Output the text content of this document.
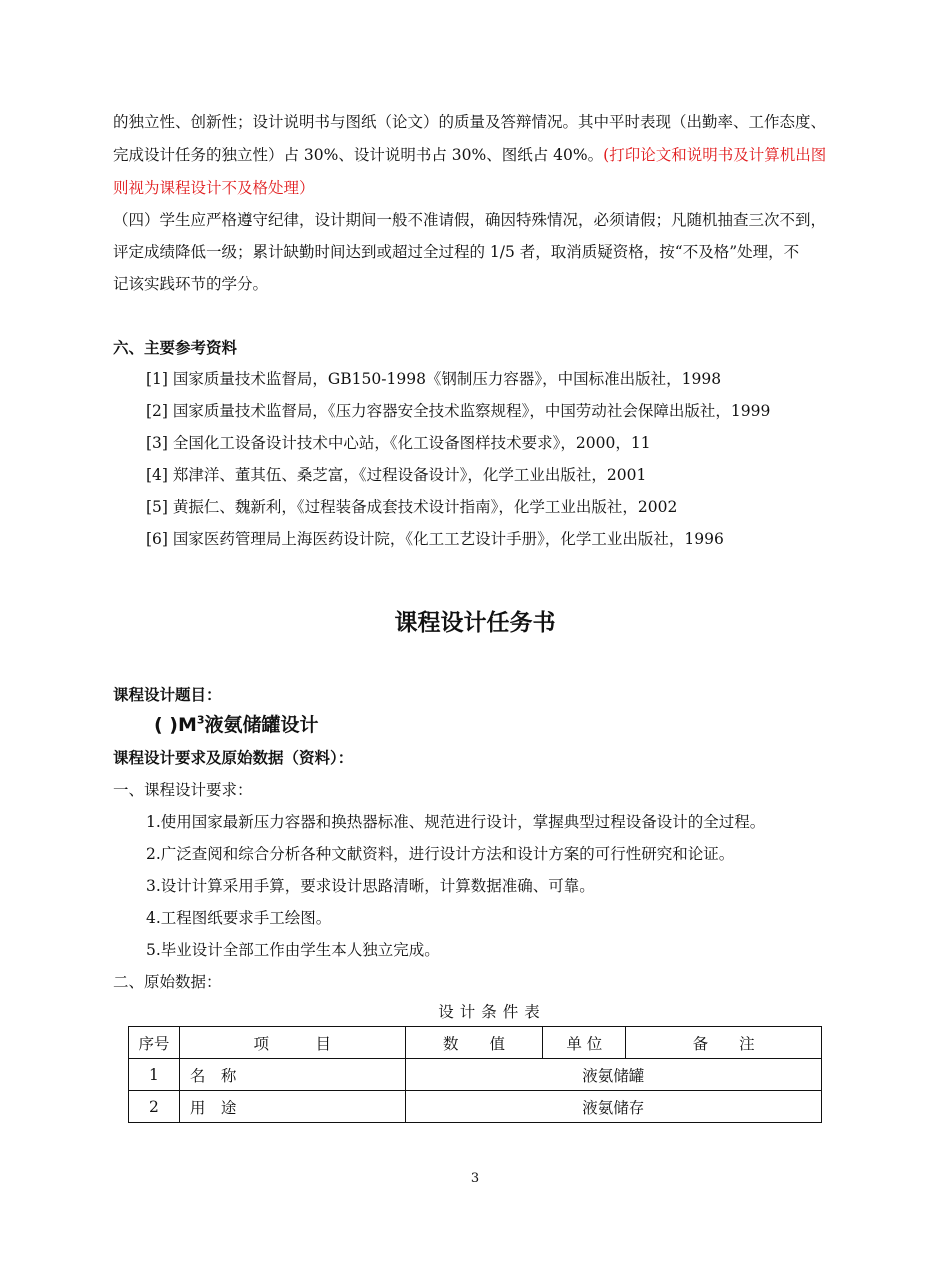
的独立性、创新性；设计说明书与图纸（论文）的质量及答辩情况。其中平时表现（出勤率、工作态度、
完成设计任务的独立性）占 30%、设计说明书占 30%、图纸占 40%。(打印论文和说明书及计算机出图
则视为课程设计不及格处理）
（四）学生应严格遵守纪律，设计期间一般不准请假，确因特殊情况，必须请假；凡随机抽查三次不到，
评定成绩降低一级；累计缺勤时间达到或超过全过程的 1/5 者，取消质疑资格，按“不及格”处理，不
记该实践环节的学分。
六、主要参考资料
[1] 国家质量技术监督局，GB150-1998《钢制压力容器》，中国标准出版社，1998
[2] 国家质量技术监督局，《压力容器安全技术监察规程》，中国劳动社会保障出版社，1999
[3] 全国化工设备设计技术中心站，《化工设备图样技术要求》，2000，11
[4] 郑津洋、董其伍、桑芝富，《过程设备设计》，化学工业出版社，2001
[5] 黄振仁、魏新利，《过程装备成套技术设计指南》，化学工业出版社，2002
[6] 国家医药管理局上海医药设计院，《化工工艺设计手册》，化学工业出版社，1996
课程设计任务书
课程设计题目：
( )$M^3$液氨储罐设计
课程设计要求及原始数据（资料）：
一、课程设计要求：
1.使用国家最新压力容器和换热器标准、规范进行设计，掌握典型过程设备设计的全过程。
2.广泛查阅和综合分析各种文献资料，进行设计方法和设计方案的可行性研究和论证。
3.设计计算采用手算，要求设计思路清晰，计算数据准确、可靠。
4.工程图纸要求手工绘图。
5.毕业设计全部工作由学生本人独立完成。
二、原始数据：
设计条件表
序号	项　　　目	数　　值	单 位	备　　注
1	名　称	液氨储罐		
2	用　途	液氨储存		
3
